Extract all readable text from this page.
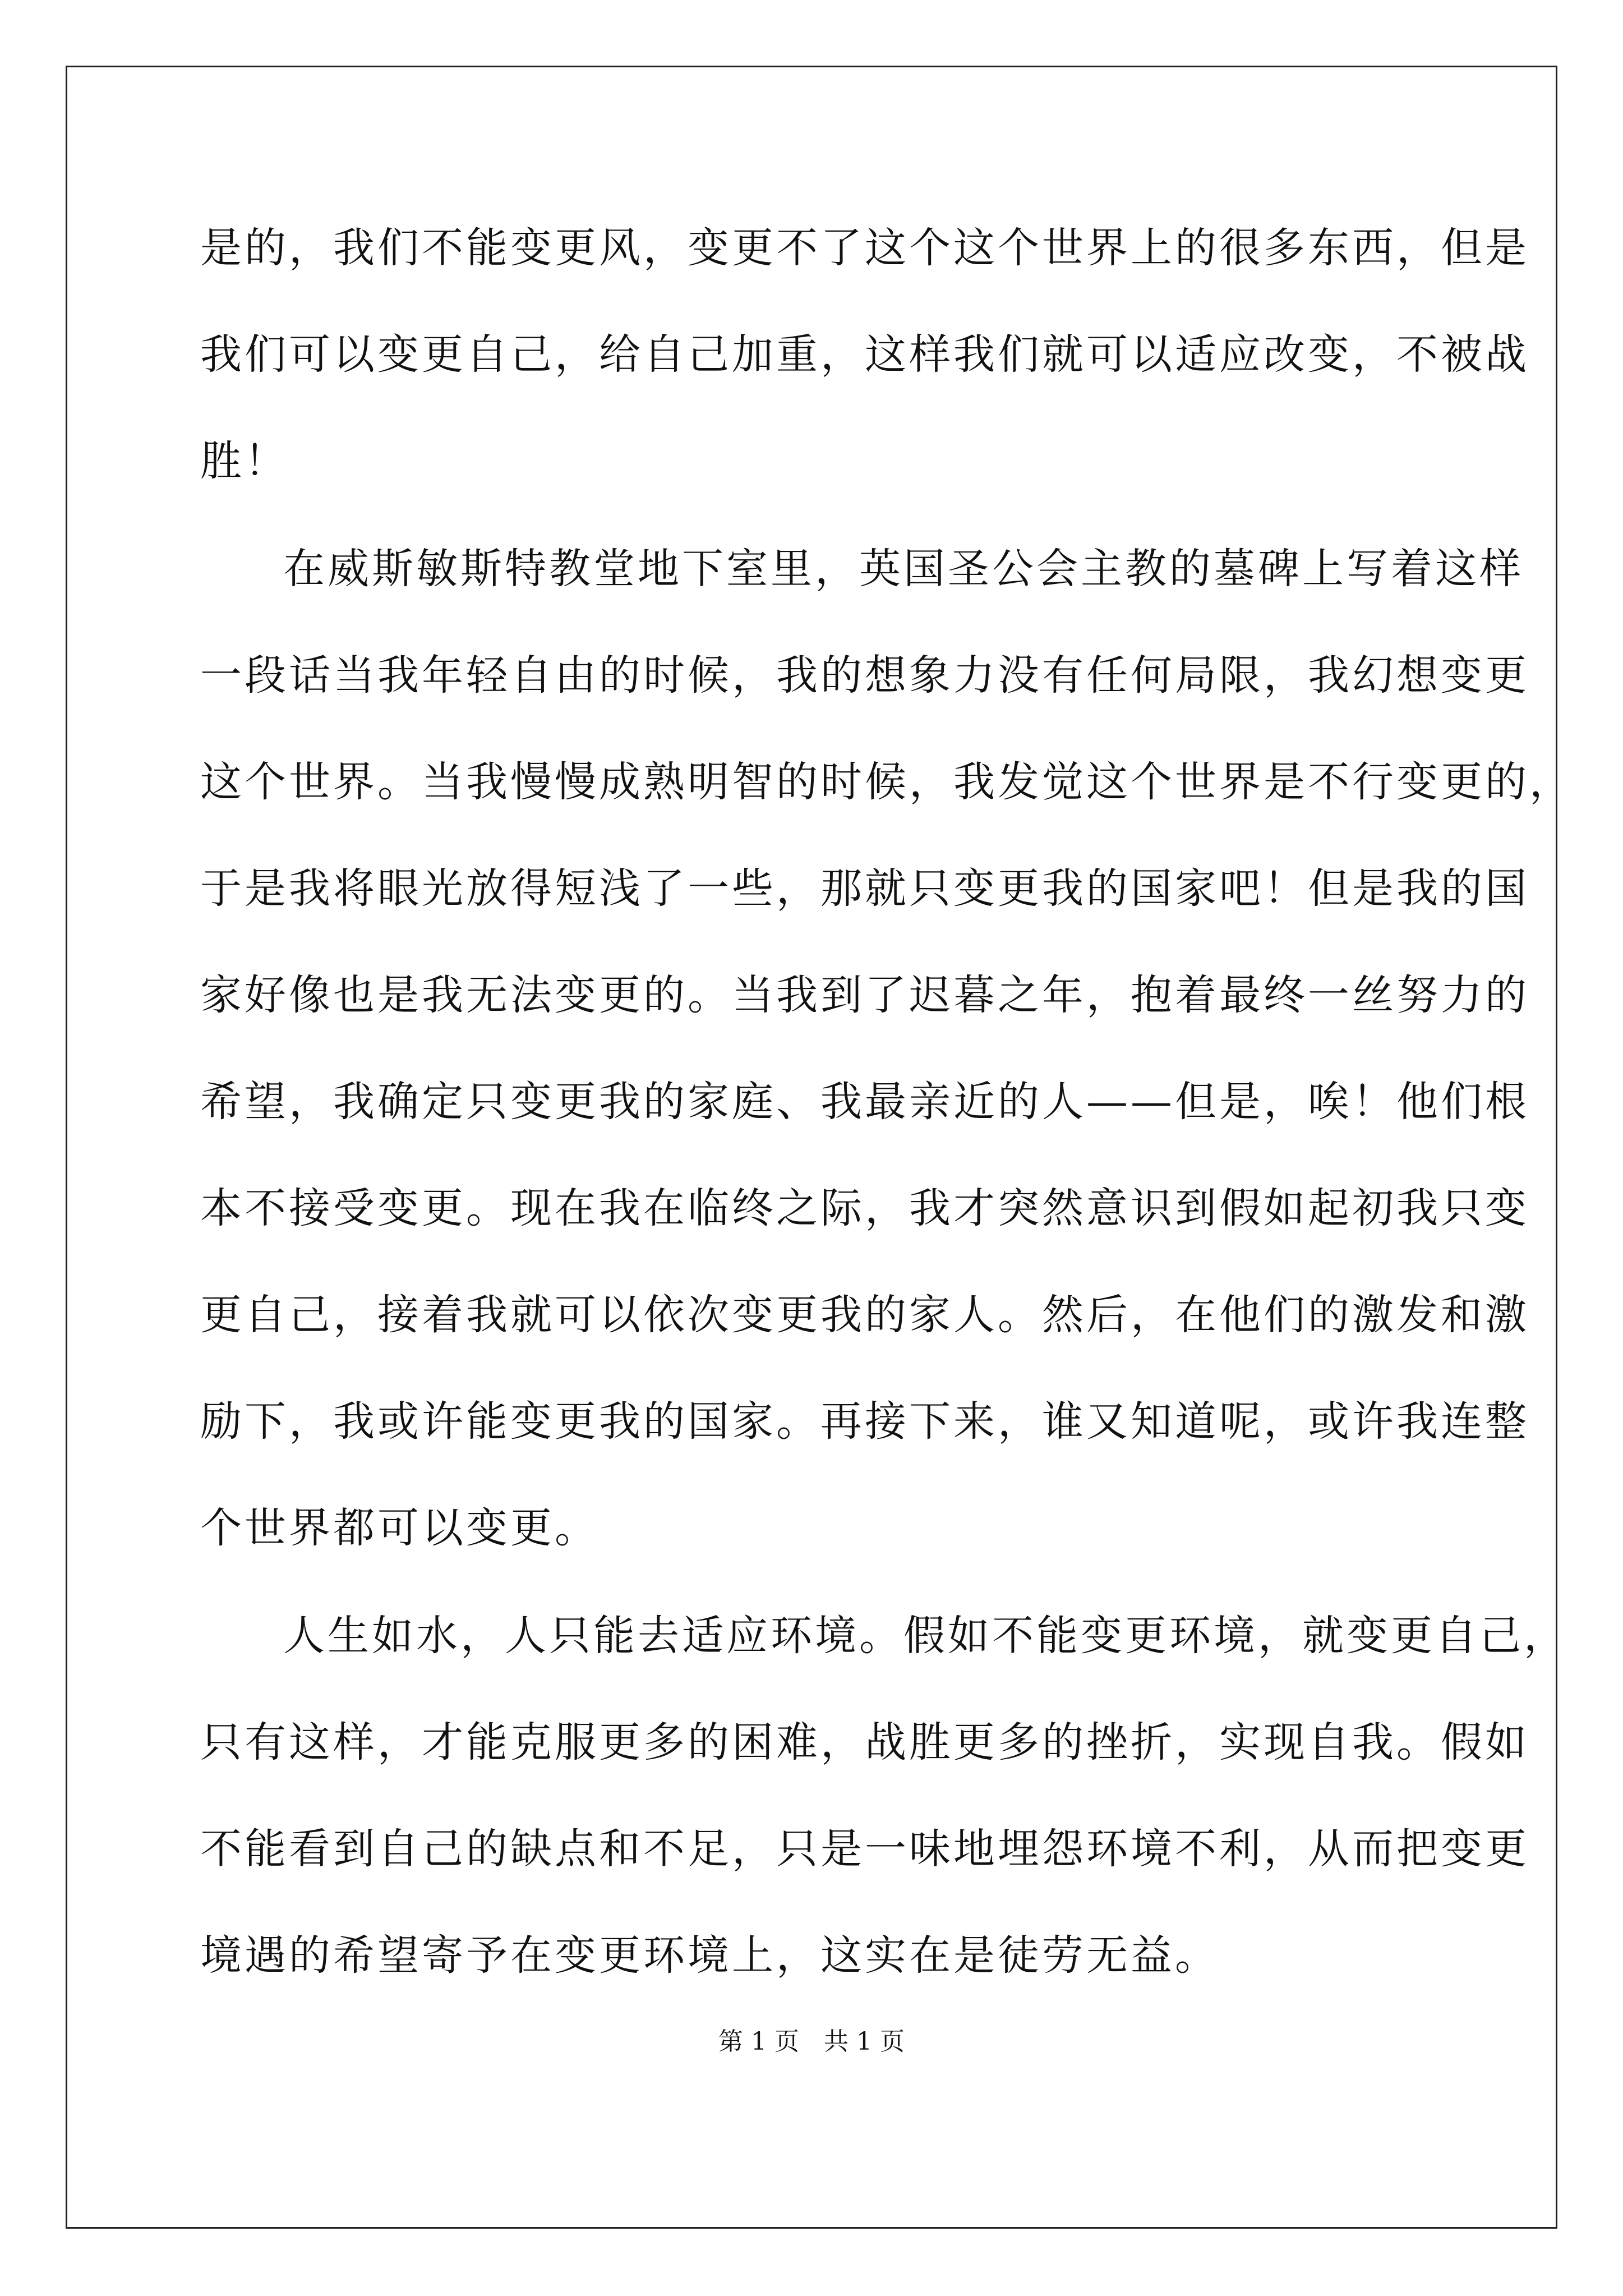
是的，我们不能变更风，变更不了这个这个世界上的很多东西，但是
我们可以变更自己，给自己加重，这样我们就可以适应改变，不被战
胜！
在威斯敏斯特教堂地下室里，英国圣公会主教的墓碑上写着这样
一段话当我年轻自由的时候，我的想象力没有任何局限，我幻想变更
这个世界。当我慢慢成熟明智的时候，我发觉这个世界是不行变更的，
于是我将眼光放得短浅了一些，那就只变更我的国家吧！但是我的国
家好像也是我无法变更的。当我到了迟暮之年，抱着最终一丝努力的
希望，我确定只变更我的家庭、我最亲近的人——但是，唉！他们根
本不接受变更。现在我在临终之际，我才突然意识到假如起初我只变
更自己，接着我就可以依次变更我的家人。然后，在他们的激发和激
励下，我或许能变更我的国家。再接下来，谁又知道呢，或许我连整
个世界都可以变更。
人生如水，人只能去适应环境。假如不能变更环境，就变更自己，
只有这样，才能克服更多的困难，战胜更多的挫折，实现自我。假如
不能看到自己的缺点和不足，只是一味地埋怨环境不利，从而把变更
境遇的希望寄予在变更环境上，这实在是徒劳无益。
第 1 页　共 1 页
